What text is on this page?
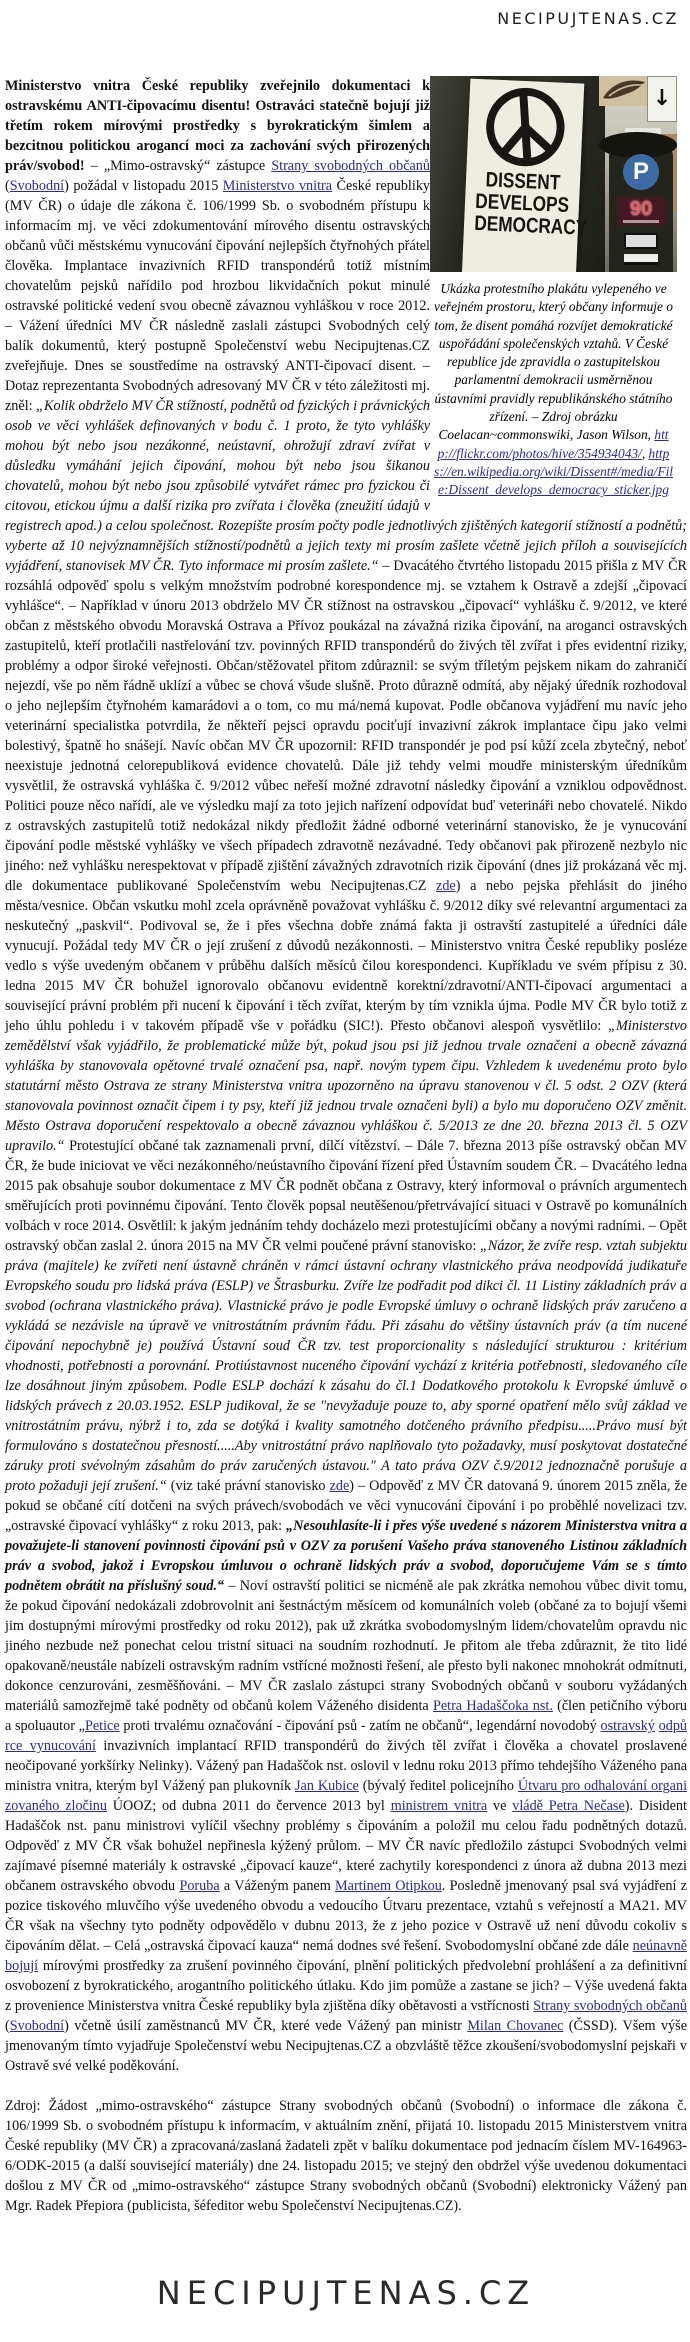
NECIPUJTENAS.CZ
↓
P
90
DISSENT
DEVELOPS
DEMOCRACY
Ukázka protestního plakátu vylepeného ve veřejném prostoru, který občany informuje o tom, že disent pomáhá rozvíjet demokratické uspořádání společenských vztahů. V České republice jde zpravidla o zastupitelskou parlamentní demokracii usměrněnou ústavními pravidly republikánského státního zřízení. – Zdroj obrázku Coelacan~commonswiki, Jason Wilson, http://flickr.com/photos/hive/354934043/, https://en.wikipedia.org/wiki/Dissent#/media/File:Dissent_develops_democracy_sticker.jpg

Ministerstvo vnitra České republiky zveřejnilo dokumentaci k ostravskému ANTI-čipovacímu disentu! Ostraváci statečně bojují již třetím rokem mírovými prostředky s byrokratickým šimlem a bezcitnou politickou arogancí moci za zachování svých přirozených práv/svobod! – „Mimo-ostravský“ zástupce Strany svobodných občanů (Svobodní) požádal v listopadu 2015 Ministerstvo vnitra České republiky (MV ČR) o údaje dle zákona č. 106/1999 Sb. o svobodném přístupu k informacím mj. ve věci zdokumentování mírového disentu ostravských občanů vůči městskému vynucování čipování nejlepších čtyřnohých přátel člověka. Implantace invazivních RFID transpondérů totiž místním chovatelům pejsků nařídilo pod hrozbou likvidačních pokut minulé ostravské politické vedení svou obecně závaznou vyhláškou v roce 2012. – Vážení úředníci MV ČR následně zaslali zástupci Svobodných celý balík dokumentů, který postupně Společenství webu Necipujtenas.CZ zveřejňuje. Dnes se soustředíme na ostravský ANTI-čipovací disent. – Dotaz reprezentanta Svobodných adresovaný MV ČR v této záležitosti mj. zněl: „Kolik obdrželo MV ČR stížností, podnětů od fyzických i právnických osob ve věci vyhlášek definovaných v bodu č. 1 proto, že tyto vyhlášky mohou být nebo jsou nezákonné, neústavní, ohrožují zdraví zvířat v důsledku vymáhání jejich čipování, mohou být nebo jsou šikanou chovatelů, mohou být nebo jsou způsobilé vytvářet rámec pro fyzickou či citovou, etickou újmu a další rizika pro zvířata i člověka (zneužití údajů v registrech apod.) a celou společnost. Rozepište prosím počty podle jednotlivých zjištěných kategorií stížností a podnětů; vyberte až 10 nejvýznamnějších stížností/podnětů a jejich texty mi prosím zašlete včetně jejich příloh a souvisejících vyjádření, stanovisek MV ČR. Tyto informace mi prosím zašlete.“ – Dvacátého čtvrtého listopadu 2015 přišla z MV ČR rozsáhlá odpověď spolu s velkým množstvím podrobné korespondence mj. se vztahem k Ostravě a zdejší „čipovací vyhlášce“. – Například v únoru 2013 obdrželo MV ČR stížnost na ostravskou „čipovací“ vyhlášku č. 9/2012, ve které občan z městského obvodu Moravská Ostrava a Přívoz poukázal na závažná rizika čipování, na aroganci ostravských zastupitelů, kteří protlačili nastřelování tzv. povinných RFID transpondérů do živých těl zvířat i přes evidentní riziky, problémy a odpor široké veřejnosti. Občan/stěžovatel přitom zdůraznil: se svým tříletým pejskem nikam do zahraničí nejezdí, vše po něm řádně uklízí a vůbec se chová všude slušně. Proto důrazně odmítá, aby nějaký úředník rozhodoval o jeho nejlepším čtyřnohém kamarádovi a o tom, co mu má/nemá kupovat. Podle občanova vyjádření mu navíc jeho veterinární specialistka potvrdila, že někteří pejsci opravdu pociťují invazivní zákrok implantace čipu jako velmi bolestivý, špatně ho snášejí. Navíc občan MV ČR upozornil: RFID transpondér je pod psí kůží zcela zbytečný, neboť neexistuje jednotná celorepubliková evidence chovatelů. Dále již tehdy velmi moudře ministerským úředníkům vysvětlil, že ostravská vyhláška č. 9/2012 vůbec neřeší možné zdravotní následky čipování a vzniklou odpovědnost. Politici pouze něco nařídí, ale ve výsledku mají za toto jejich nařízení odpovídat buď veterináři nebo chovatelé. Nikdo z ostravských zastupitelů totiž nedokázal nikdy předložit žádné odborné veterinární stanovisko, že je vynucování čipování podle městské vyhlášky ve všech případech zdravotně nezávadné. Tedy občanovi pak přirozeně nezbylo nic jiného: než vyhlášku nerespektovat v případě zjištění závažných zdravotních rizik čipování (dnes již prokázaná věc mj. dle dokumentace publikované Společenstvím webu Necipujtenas.CZ zde) a nebo pejska přehlásit do jiného města/vesnice. Občan vskutku mohl zcela oprávněně považovat vyhlášku č. 9/2012 díky své relevantní argumentaci za neskutečný „paskvil“. Podivoval se, že i přes všechna dobře známá fakta ji ostravští zastupitelé a úředníci dále vynucují. Požádal tedy MV ČR o její zrušení z důvodů nezákonnosti. – Ministerstvo vnitra České republiky posléze vedlo s výše uvedeným občanem v průběhu dalších měsíců čilou korespondenci. Kupříkladu ve svém přípisu z 30. ledna 2015 MV ČR bohužel ignorovalo občanovu evidentně korektní/zdravotní/ANTI-čipovací argumentaci a související právní problém při nucení k čipování i těch zvířat, kterým by tím vznikla újma. Podle MV ČR bylo totiž z jeho úhlu pohledu i v takovém případě vše v pořádku (SIC!). Přesto občanovi alespoň vysvětlilo: „Ministerstvo zemědělství však vyjádřilo, že problematické může být, pokud jsou psi již jednou trvale označeni a obecně závazná vyhláška by stanovovala opětovné trvalé označení psa, např. novým typem čipu. Vzhledem k uvedenému proto bylo statutární město Ostrava ze strany Ministerstva vnitra upozorněno na úpravu stanovenou v čl. 5 odst. 2 OZV (která stanovovala povinnost označit čipem i ty psy, kteří již jednou trvale označeni byli) a bylo mu doporučeno OZV změnit. Město Ostrava doporučení respektovalo a obecně závaznou vyhláškou č. 5/2013 ze dne 20. března 2013 čl. 5 OZV upravilo.“ Protestující občané tak zaznamenali první, dílčí vítězství. – Dále 7. března 2013 píše ostravský občan MV ČR, že bude iniciovat ve věci nezákonného/neústavního čipování řízení před Ústavním soudem ČR. – Dvacátého ledna 2015 pak obsahuje soubor dokumentace z MV ČR podnět občana z Ostravy, který informoval o právních argumentech směřujících proti povinnému čipování. Tento člověk popsal neutěšenou/přetrvávající situaci v Ostravě po komunálních volbách v roce 2014. Osvětlil: k jakým jednáním tehdy docházelo mezi protestujícími občany a novými radními. – Opět ostravský občan zaslal 2. února 2015 na MV ČR velmi poučené právní stanovisko: „Názor, že zvíře resp. vztah subjektu práva (majitele) ke zvířeti není ústavně chráněn v rámci ústavní ochrany vlastnického práva neodpovídá judikatuře Evropského soudu pro lidská práva (ESLP) ve Štrasburku. Zvíře lze podřadit pod dikci čl. 11 Listiny základních práv a svobod (ochrana vlastnického práva). Vlastnické právo je podle Evropské úmluvy o ochraně lidských práv zaručeno a vykládá se nezávisle na úpravě ve vnitrostátním právním řádu. Při zásahu do většiny ústavních práv (a tím nucené čipování nepochybně je) používá Ústavní soud ČR tzv. test proporcionality s následující strukturou : kritérium vhodnosti, potřebnosti a porovnání. Protiústavnost nuceného čipování vychází z kritéria potřebnosti, sledovaného cíle lze dosáhnout jiným způsobem. Podle ESLP dochází k zásahu do čl.1 Dodatkového protokolu k Evropské úmluvě o lidských právech z 20.03.1952. ESLP judikoval, že se "nevyžaduje pouze to, aby sporné opatření mělo svůj základ ve vnitrostátním právu, nýbrž i to, zda se dotýká i kvality samotného dotčeného právního předpisu.....Právo musí být formulováno s dostatečnou přesností.....Aby vnitrostátní právo naplňovalo tyto požadavky, musí poskytovat dostatečné záruky proti svévolným zásahům do práv zaručených ústavou." A tato práva OZV č.9/2012 jednoznačně porušuje a proto požaduji její zrušení.“ (viz také právní stanovisko zde) – Odpověď z MV ČR datovaná 9. únorem 2015 zněla, že pokud se občané cítí dotčeni na svých právech/svobodách ve věci vynucování čipování i po proběhlé novelizaci tzv. „ostravské čipovací vyhlášky“ z roku 2013, pak: „Nesouhlasíte-li i přes výše uvedené s názorem Ministerstva vnitra a považujete-li stanovení povinnosti čipování psů v OZV za porušení Vašeho práva stanoveného Listinou základních práv a svobod, jakož i Evropskou úmluvou o ochraně lidských práv a svobod, doporučujeme Vám se s tímto podnětem obrátit na příslušný soud.“ – Noví ostravští politici se nicméně ale pak zkrátka nemohou vůbec divit tomu, že pokud čipování nedokázali zdobrovolnit ani šestnáctým měsícem od komunálních voleb (občané za to bojují všemi jim dostupnými mírovými prostředky od roku 2012), pak už zkrátka svobodomyslným lidem/chovatelům opravdu nic jiného nezbude než ponechat celou tristní situaci na soudním rozhodnutí. Je přitom ale třeba zdůraznit, že tito lidé opakovaně/neustále nabízeli ostravským radním vstřícné možnosti řešení, ale přesto byli nakonec mnohokrát odmítnuti, dokonce cenzurováni, zesměšňováni. – MV ČR zaslalo zástupci strany Svobodných občanů v souboru vyžádaných materiálů samozřejmě také podněty od občanů kolem Váženého disidenta Petra Hadaščoka nst. (člen petičního výboru a spoluautor „Petice proti trvalému označování - čipování psů - zatím ne občanů“, legendární novodobý ostravský odpůrce vynucování invazivních implantací RFID transpondérů do živých těl zvířat i člověka a chovatel proslavené neočipované yorkšírky Nelinky). Vážený pan Hadaščok nst. oslovil v lednu roku 2013 přímo tehdejšího Váženého pana ministra vnitra, kterým byl Vážený pan plukovník Jan Kubice (bývalý ředitel policejního Útvaru pro odhalování organizovaného zločinu ÚOOZ; od dubna 2011 do července 2013 byl ministrem vnitra ve vládě Petra Nečase). Disident Hadaščok nst. panu ministrovi vylíčil všechny problémy s čipováním a položil mu celou řadu podnětných dotazů. Odpověď z MV ČR však bohužel nepřinesla kýžený průlom. – MV ČR navíc předložilo zástupci Svobodných velmi zajímavé písemné materiály k ostravské „čipovací kauze“, které zachytily korespondenci z února až dubna 2013 mezi občanem ostravského obvodu Poruba a Váženým panem Martinem Otipkou. Posledně jmenovaný psal svá vyjádření z pozice tiskového mluvčího výše uvedeného obvodu a vedoucího Útvaru prezentace, vztahů s veřejností a MA21. MV ČR však na všechny tyto podněty odpovědělo v dubnu 2013, že z jeho pozice v Ostravě už není důvodu cokoliv s čipováním dělat. – Celá „ostravská čipovací kauza“ nemá dodnes své řešení. Svobodomyslní občané zde dále neúnavně bojují mírovými prostředky za zrušení povinného čipování, plnění politických předvolební prohlášení a za definitivní osvobození z byrokratického, arogantního politického útlaku. Kdo jim pomůže a zastane se jich? – Výše uvedená fakta z provenience Ministerstva vnitra České republiky byla zjištěna díky obětavosti a vstřícnosti Strany svobodných občanů (Svobodní) včetně úsilí zaměstnanců MV ČR, které vede Vážený pan ministr Milan Chovanec (ČSSD). Všem výše jmenovaným tímto vyjadřuje Společenství webu Necipujtenas.CZ a obzvláště těžce zkoušení/svobodomyslní pejskaři v Ostravě své velké poděkování.

Zdroj: Žádost „mimo-ostravského“ zástupce Strany svobodných občanů (Svobodní) o informace dle zákona č. 106/1999 Sb. o svobodném přístupu k informacím, v aktuálním znění, přijatá 10. listopadu 2015 Ministerstvem vnitra České republiky (MV ČR) a zpracovaná/zaslaná žadateli zpět v balíku dokumentace pod jednacím číslem MV-164963-6/ODK-2015 (a další související materiály) dne 24. listopadu 2015; ve stejný den obdržel výše uvedenou dokumentaci došlou z MV ČR od „mimo-ostravského“ zástupce Strany svobodných občanů (Svobodní) elektronicky Vážený pan Mgr. Radek Přepiora (publicista, šéfeditor webu Společenství Necipujtenas.CZ).

NECIPUJTENAS.CZ
